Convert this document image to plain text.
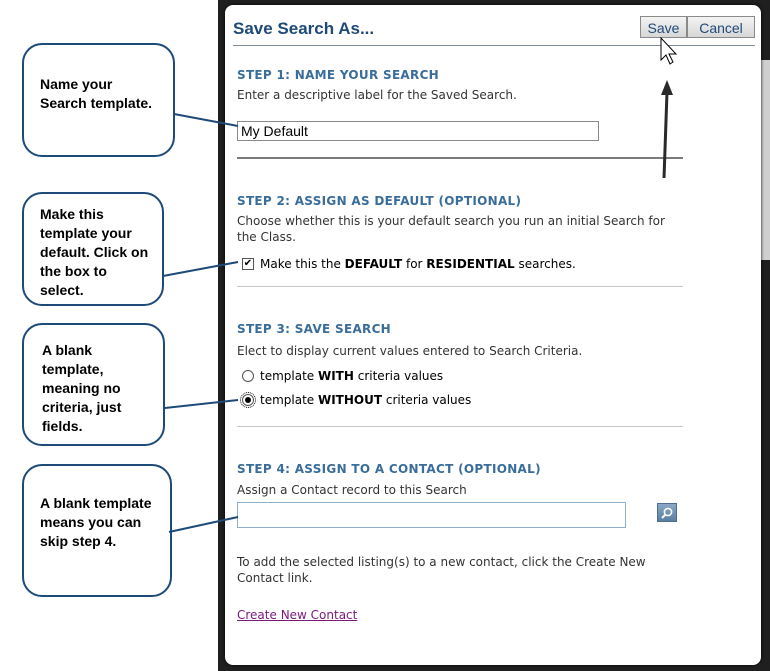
Save Search As...	Save	Cancel
STEP 1: NAME YOUR SEARCH
Enter a descriptive label for the Saved Search.
My Default
STEP 2: ASSIGN AS DEFAULT (OPTIONAL)
Choose whether this is your default search you run an initial Search for the Class.
✔ Make this the DEFAULT for RESIDENTIAL searches.
STEP 3: SAVE SEARCH
Elect to display current values entered to Search Criteria.
template WITH criteria values
template WITHOUT criteria values
STEP 4: ASSIGN TO A CONTACT (OPTIONAL)
Assign a Contact record to this Search
To add the selected listing(s) to a new contact, click the Create New Contact link.
Create New Contact
Name your Search template.
Make this template your default. Click on the box to select.
A blank template, meaning no criteria, just fields.
A blank template means you can skip step 4.
